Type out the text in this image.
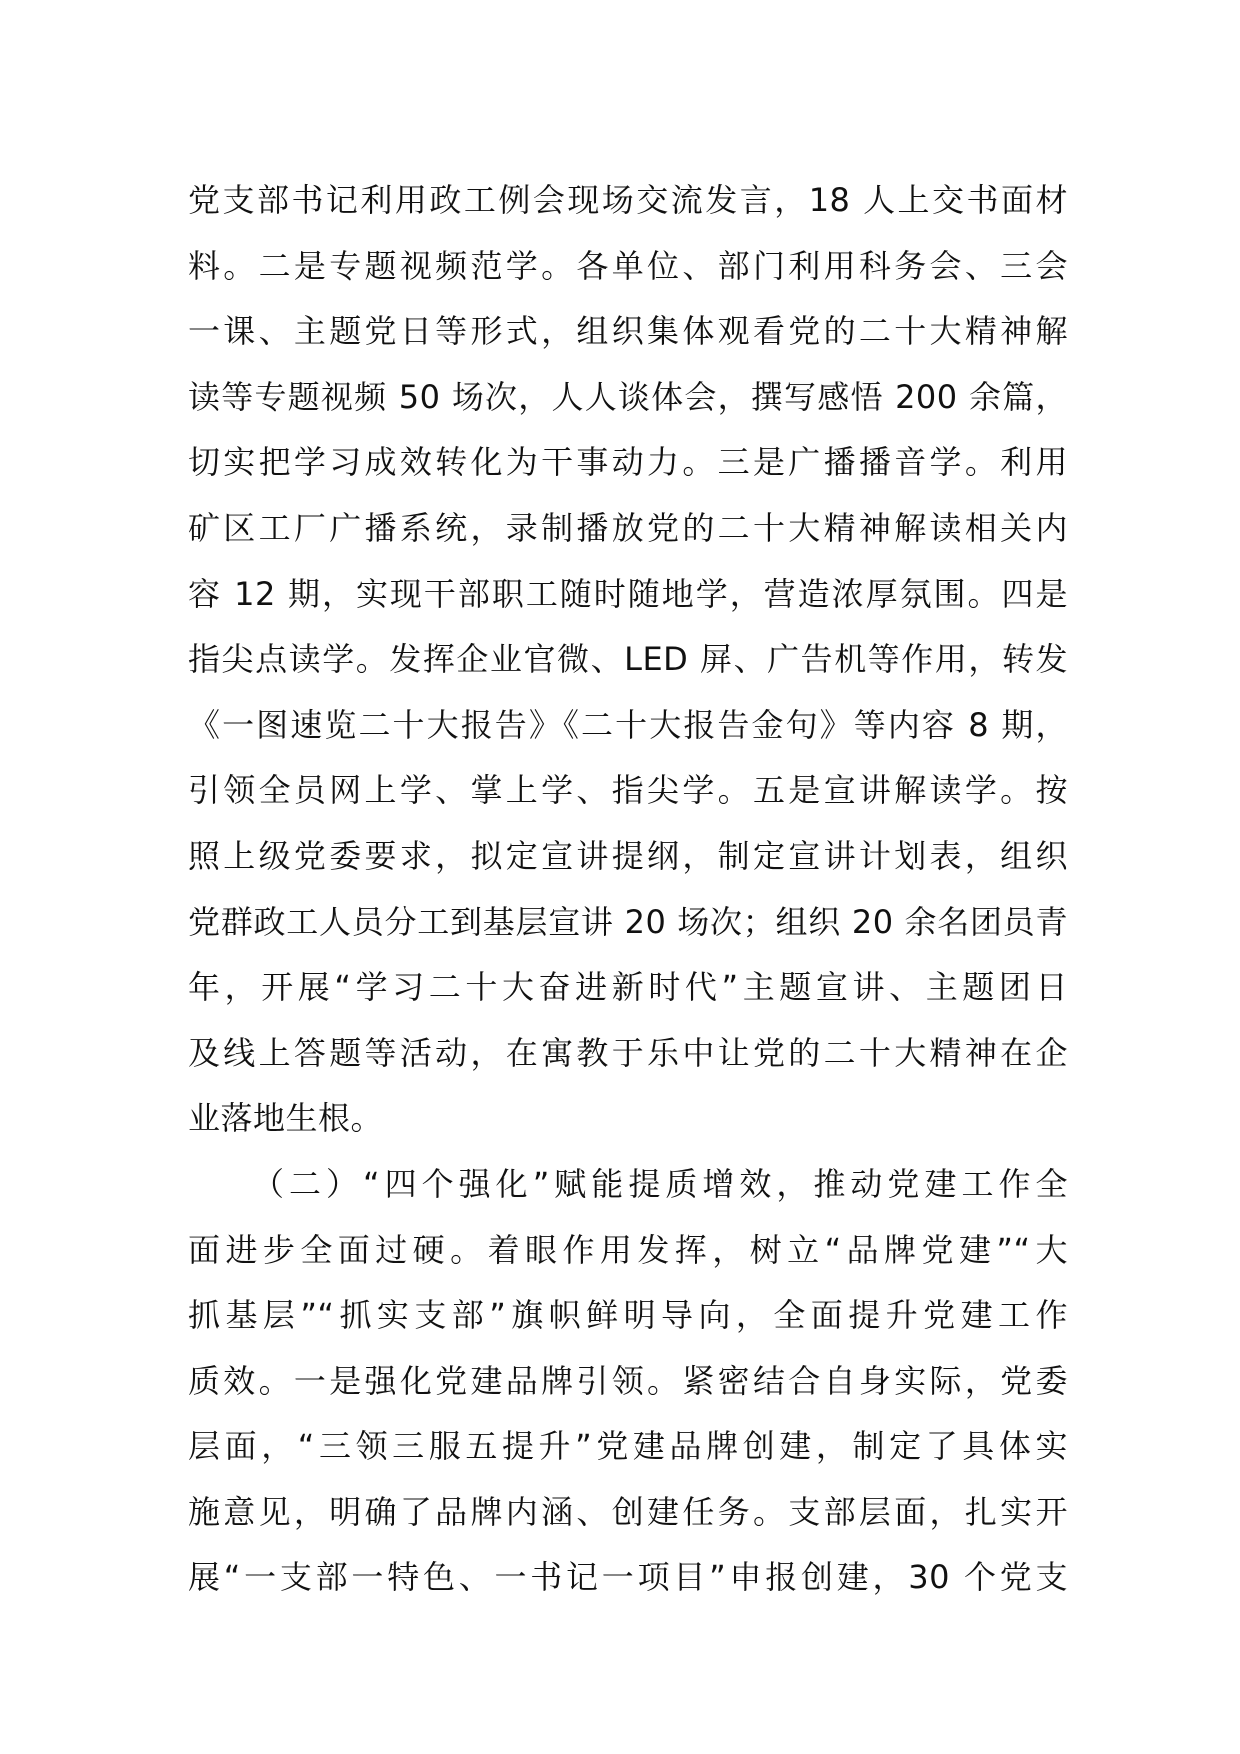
党支部书记利用政工例会现场交流发言，18 人上交书面材
料。二是专题视频范学。各单位、部门利用科务会、三会
一课、主题党日等形式，组织集体观看党的二十大精神解
读等专题视频 50 场次，人人谈体会，撰写感悟 200 余篇，
切实把学习成效转化为干事动力。三是广播播音学。利用
矿区工厂广播系统，录制播放党的二十大精神解读相关内
容 12 期，实现干部职工随时随地学，营造浓厚氛围。四是
指尖点读学。发挥企业官微、LED 屏、广告机等作用，转发
《一图速览二十大报告》《二十大报告金句》等内容 8 期，
引领全员网上学、掌上学、指尖学。五是宣讲解读学。按
照上级党委要求，拟定宣讲提纲，制定宣讲计划表，组织
党群政工人员分工到基层宣讲 20 场次；组织 20 余名团员青
年，开展“学习二十大奋进新时代”主题宣讲、主题团日
及线上答题等活动，在寓教于乐中让党的二十大精神在企
业落地生根。
（二）“四个强化”赋能提质增效，推动党建工作全
面进步全面过硬。着眼作用发挥，树立“品牌党建”“大
抓基层”“抓实支部”旗帜鲜明导向，全面提升党建工作
质效。一是强化党建品牌引领。紧密结合自身实际，党委
层面，“三领三服五提升”党建品牌创建，制定了具体实
施意见，明确了品牌内涵、创建任务。支部层面，扎实开
展“一支部一特色、一书记一项目”申报创建，30 个党支
